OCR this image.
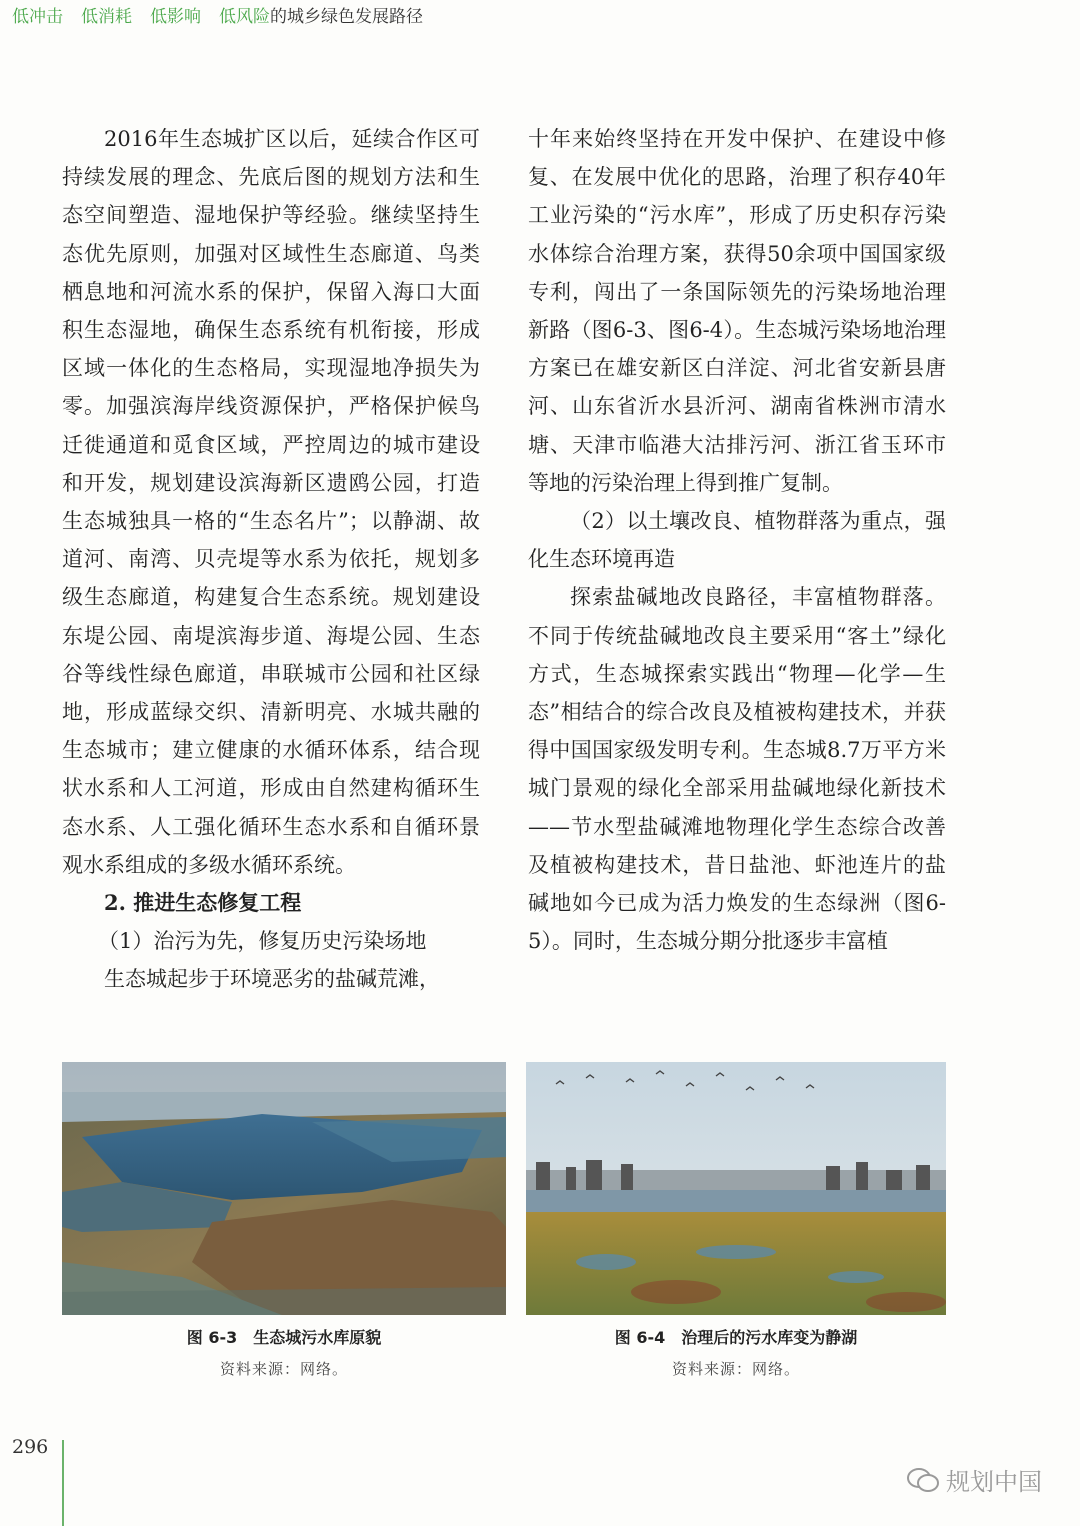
低冲击 低消耗 低影响 低风险的城乡绿色发展路径

2016年生态城扩区以后，延续合作区可持续发展的理念、先底后图的规划方法和生态空间塑造、湿地保护等经验。继续坚持生态优先原则，加强对区域性生态廊道、鸟类栖息地和河流水系的保护，保留入海口大面积生态湿地，确保生态系统有机衔接，形成区域一体化的生态格局，实现湿地净损失为零。加强滨海岸线资源保护，严格保护候鸟迁徙通道和觅食区域，严控周边的城市建设和开发，规划建设滨海新区遗鸥公园，打造生态城独具一格的“生态名片”；以静湖、故道河、南湾、贝壳堤等水系为依托，规划多级生态廊道，构建复合生态系统。规划建设东堤公园、南堤滨海步道、海堤公园、生态谷等线性绿色廊道，串联城市公园和社区绿地，形成蓝绿交织、清新明亮、水城共融的生态城市；建立健康的水循环体系，结合现状水系和人工河道，形成由自然建构循环生态水系、人工强化循环生态水系和自循环景观水系组成的多级水循环系统。

2. 推进生态修复工程

（1）治污为先，修复历史污染场地

生态城起步于环境恶劣的盐碱荒滩，

十年来始终坚持在开发中保护、在建设中修复、在发展中优化的思路，治理了积存40年工业污染的“污水库”，形成了历史积存污染水体综合治理方案，获得50余项中国国家级专利，闯出了一条国际领先的污染场地治理新路（图6-3、图6-4）。生态城污染场地治理方案已在雄安新区白洋淀、河北省安新县唐河、山东省沂水县沂河、湖南省株洲市清水塘、天津市临港大沽排污河、浙江省玉环市等地的污染治理上得到推广复制。

（2）以土壤改良、植物群落为重点，强化生态环境再造

探索盐碱地改良路径，丰富植物群落。不同于传统盐碱地改良主要采用“客土”绿化方式，生态城探索实践出“物理—化学—生态”相结合的综合改良及植被构建技术，并获得中国国家级发明专利。生态城8.7万平方米城门景观的绿化全部采用盐碱地绿化新技术——节水型盐碱滩地物理化学生态综合改善及植被构建技术，昔日盐池、虾池连片的盐碱地如今已成为活力焕发的生态绿洲（图6-5）。同时，生态城分期分批逐步丰富植

图 6-3　生态城污水库原貌
资料来源：网络。
图 6-4　治理后的污水库变为静湖
资料来源：网络。
296
规划中国
